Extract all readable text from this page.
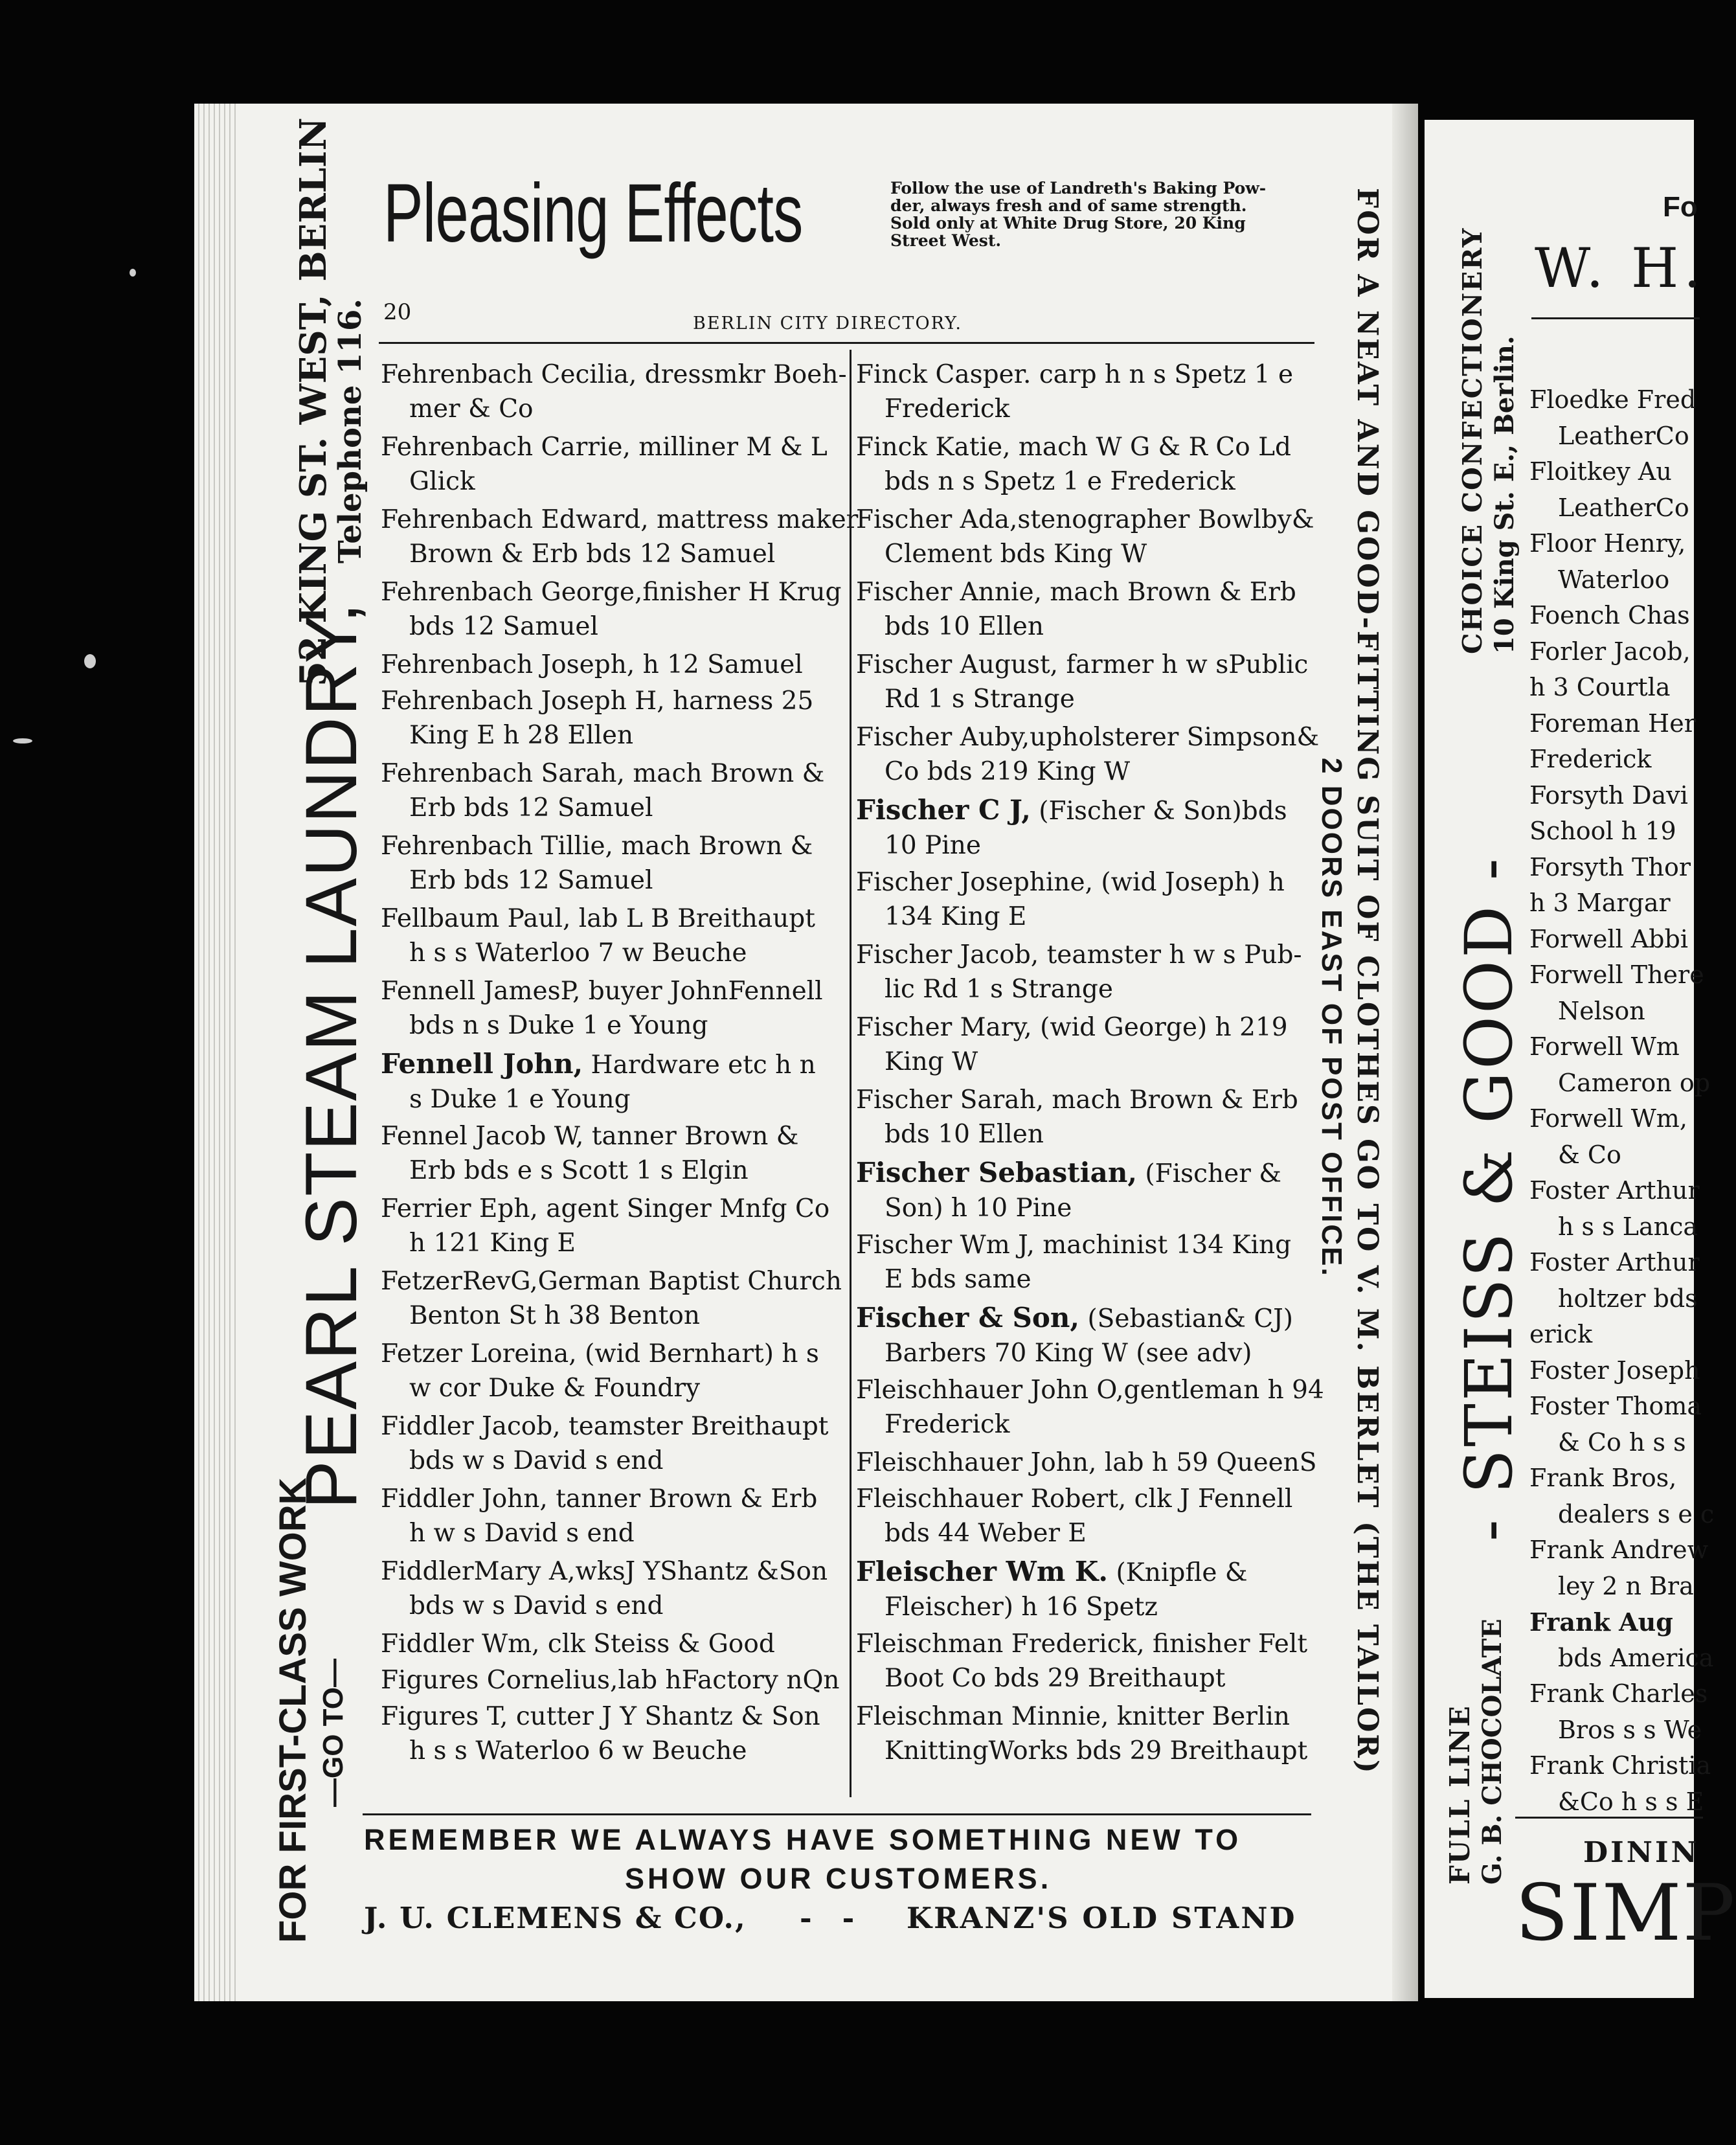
Pleasing Effects	Follow the use of Landreth's Baking Pow-
der, always fresh and of same strength.
Sold only at White Drug Store, 20 King
Street West.
20	BERLIN CITY DIRECTORY.
Fehrenbach Cecilia, dressmkr Boeh-
mer & Co
Fehrenbach Carrie, milliner M & L
Glick
Fehrenbach Edward, mattress maker
Brown & Erb bds 12 Samuel
Fehrenbach George,finisher H Krug
bds 12 Samuel
Fehrenbach Joseph, h 12 Samuel
Fehrenbach Joseph H, harness 25
King E h 28 Ellen
Fehrenbach Sarah, mach Brown &
Erb bds 12 Samuel
Fehrenbach Tillie, mach Brown &
Erb bds 12 Samuel
Fellbaum Paul, lab L B Breithaupt
h s s Waterloo 7 w Beuche
Fennell JamesP, buyer JohnFennell
bds n s Duke 1 e Young
Fennell John, Hardware etc h n
s Duke 1 e Young
Fennel Jacob W, tanner Brown &
Erb bds e s Scott 1 s Elgin
Ferrier Eph, agent Singer Mnfg Co
h 121 King E
FetzerRevG,German Baptist Church
Benton St h 38 Benton
Fetzer Loreina, (wid Bernhart) h s
w cor Duke & Foundry
Fiddler Jacob, teamster Breithaupt
bds w s David s end
Fiddler John, tanner Brown & Erb
h w s David s end
FiddlerMary A,wksJ YShantz &Son
bds w s David s end
Fiddler Wm, clk Steiss & Good
Figures Cornelius,lab hFactory nQn
Figures T, cutter J Y Shantz & Son
h s s Waterloo 6 w Beuche
Finck Casper. carp h n s Spetz 1 e
Frederick
Finck Katie, mach W G & R Co Ld
bds n s Spetz 1 e Frederick
Fischer Ada,stenographer Bowlby&
Clement bds King W
Fischer Annie, mach Brown & Erb
bds 10 Ellen
Fischer August, farmer h w sPublic
Rd 1 s Strange
Fischer Auby,upholsterer Simpson&
Co bds 219 King W
Fischer C J, (Fischer & Son)bds
10 Pine
Fischer Josephine, (wid Joseph) h
134 King E
Fischer Jacob, teamster h w s Pub-
lic Rd 1 s Strange
Fischer Mary, (wid George) h 219
King W
Fischer Sarah, mach Brown & Erb
bds 10 Ellen
Fischer Sebastian, (Fischer &
Son) h 10 Pine
Fischer Wm J, machinist 134 King
E bds same
Fischer & Son, (Sebastian& CJ)
Barbers 70 King W (see adv)
Fleischhauer John O,gentleman h 94
Frederick
Fleischhauer John, lab h 59 QueenS
Fleischhauer Robert, clk J Fennell
bds 44 Weber E
Fleischer Wm K. (Knipfle &
Fleischer) h 16 Spetz
Fleischman Frederick, finisher Felt
Boot Co bds 29 Breithaupt
Fleischman Minnie, knitter Berlin
KnittingWorks bds 29 Breithaupt
REMEMBER WE ALWAYS HAVE SOMETHING NEW TO
SHOW OUR CUSTOMERS.
J. U. CLEMENS & CO., -   - KRANZ'S OLD STAND
FOR FIRST-CLASS WORK —GO TO—
PEARL STEAM LAUNDRY,
52 KING ST. WEST, BERLIN
Telephone 116.	FOR A NEAT AND GOOD-FITTING SUIT OF CLOTHES GO TO V. M. BERLET (THE TAILOR)
2 DOORS EAST OF POST OFFICE.
Fo
W. H.
Floedke Fred
LeatherCo
Floitkey Au
LeatherCo
Floor Henry,
Waterloo
Foench Chas
Forler Jacob,
h 3 Courtla
Foreman Her
Frederick
Forsyth Davi
School h 19
Forsyth Thor
h 3 Margar
Forwell Abbi
Forwell There
Nelson
Forwell Wm
Cameron op
Forwell Wm,
& Co
Foster Arthur
h s s Lanca
Foster Arthur
holtzer bds
erick
Foster Joseph
Foster Thoma
& Co h s s
Frank Bros,
dealers s e c
Frank Andrew
ley 2 n Bra
Frank Aug
bds America
Frank Charles
Bros s s We
Frank Christia
&Co h s s E
DININ
SIMP
CHOICE CONFECTIONERY 10 King St. E., Berlin.
- STEISS & GOOD -
FULL LINE G. B. CHOCOLATE
